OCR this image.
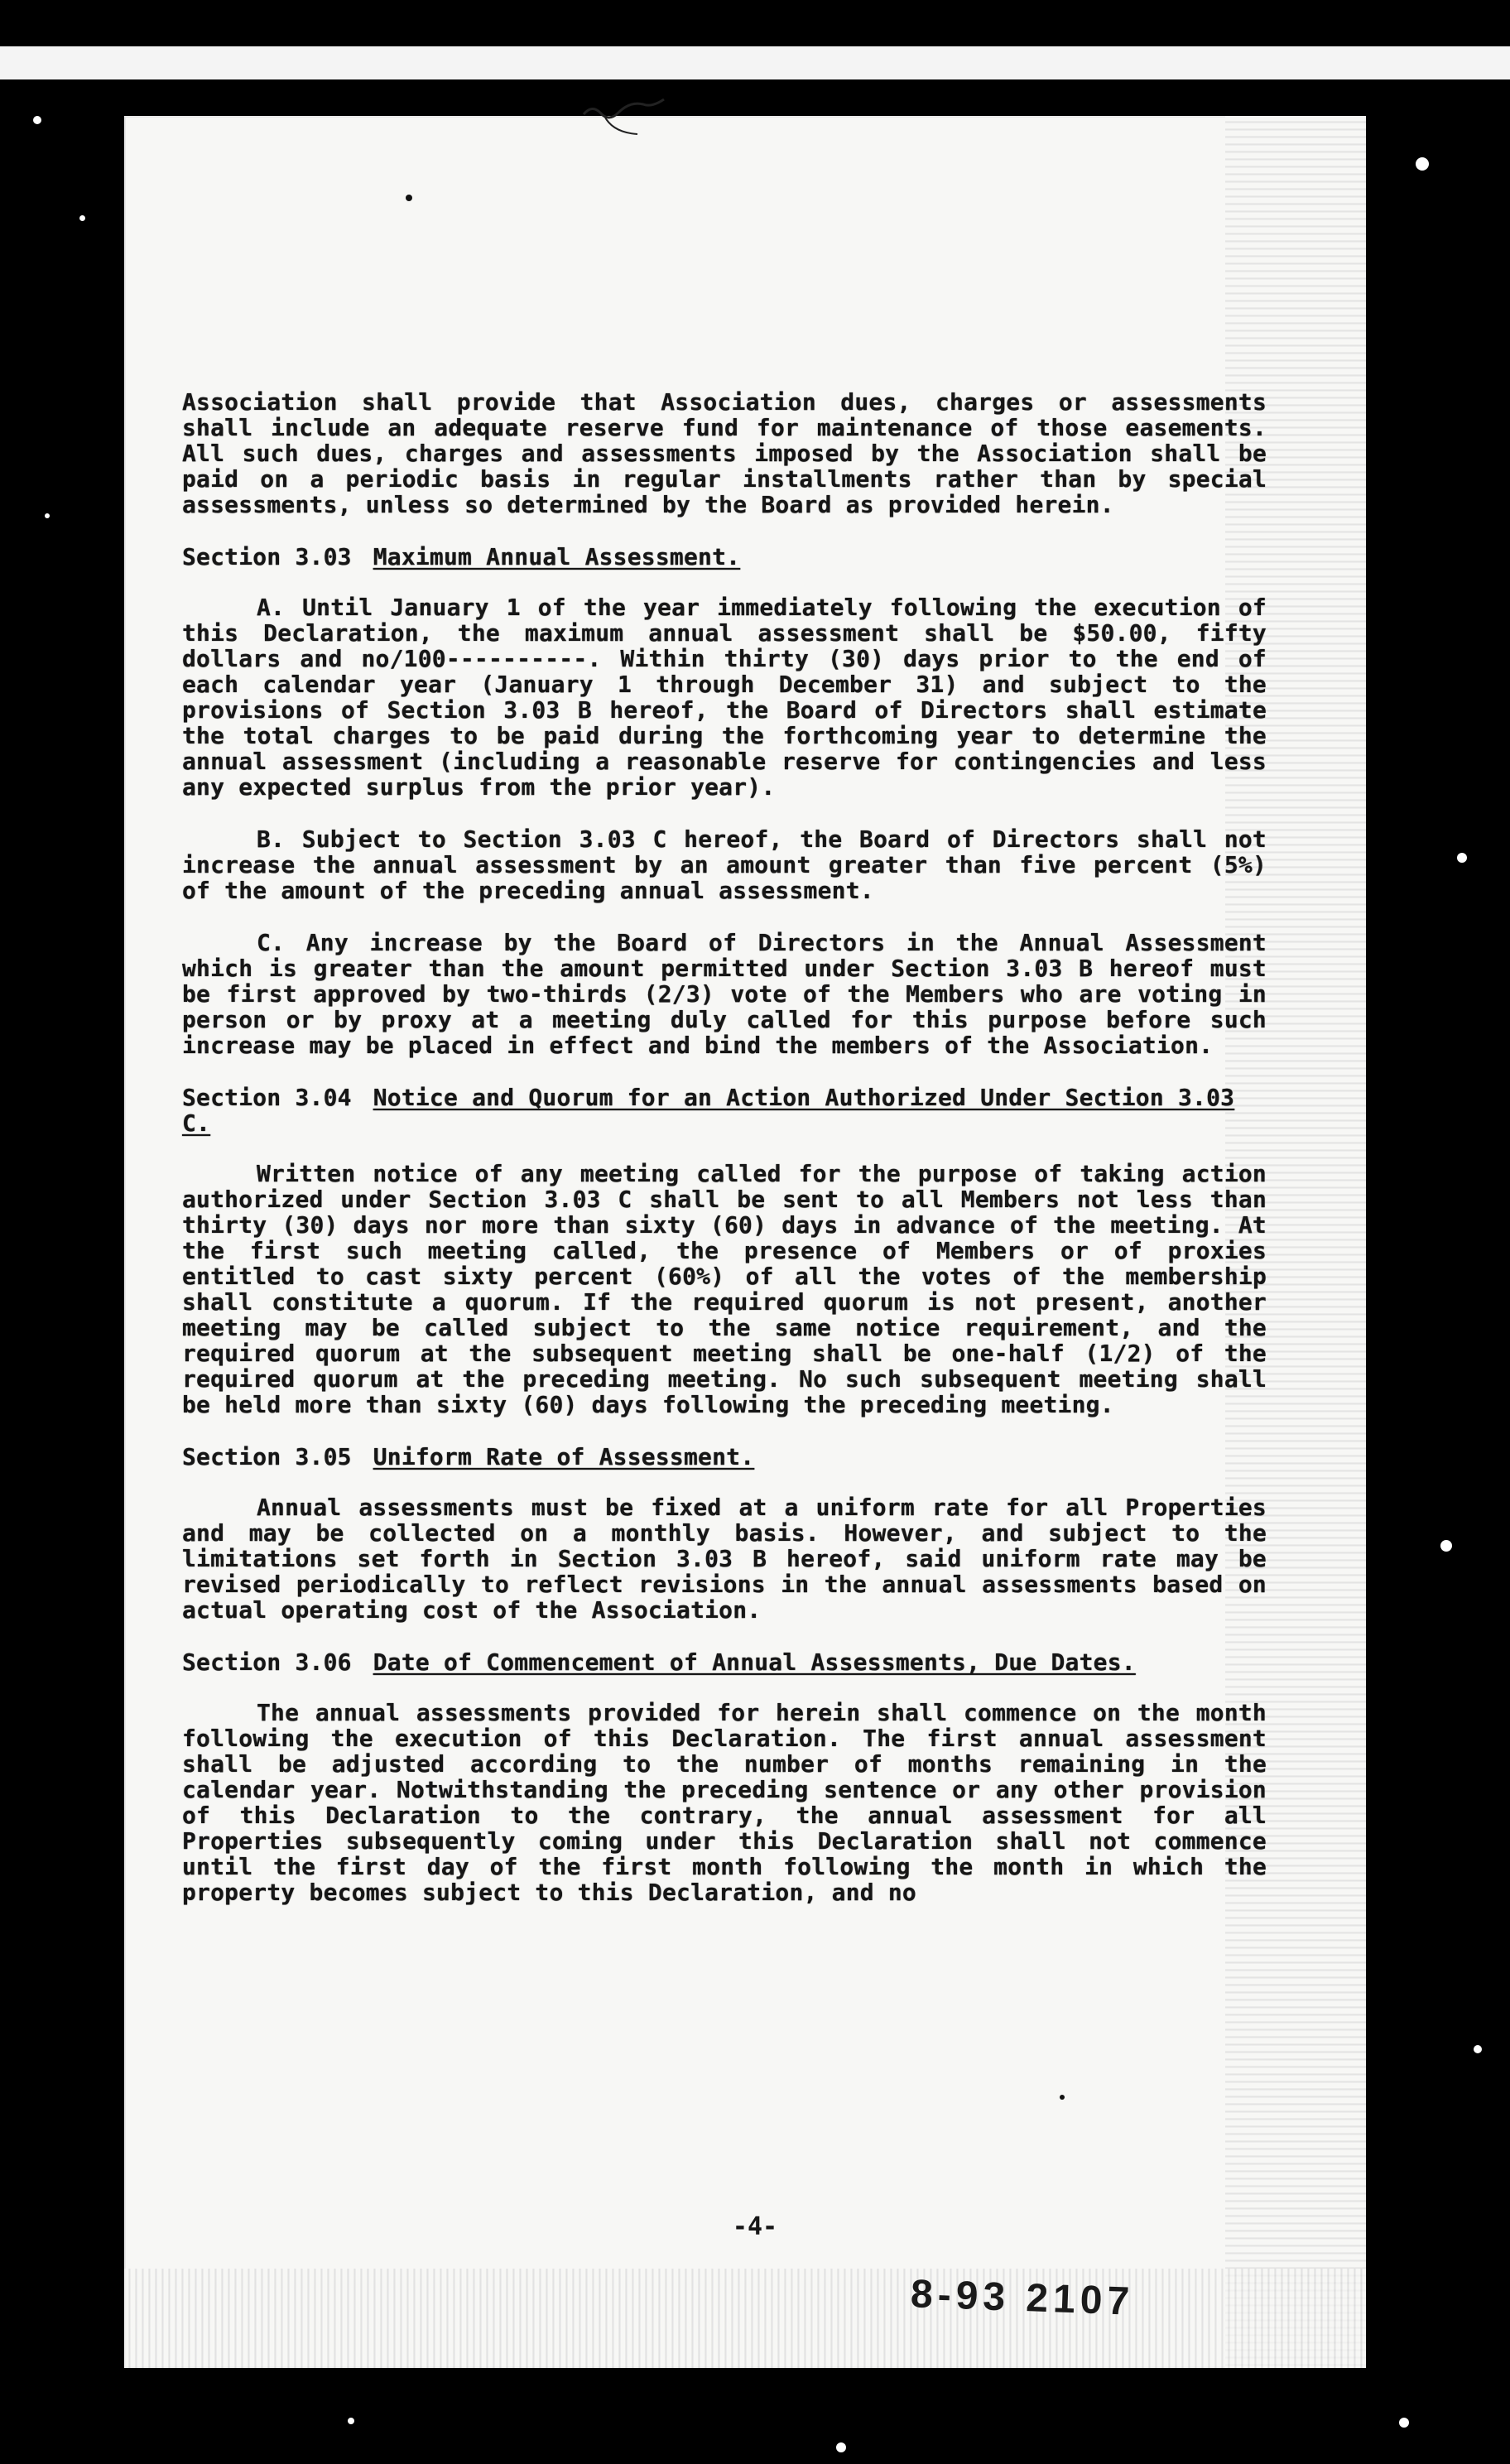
Association shall provide that Association dues, charges or assessments shall include an adequate reserve fund for maintenance of those easements. All such dues, charges and assessments imposed by the Association shall be paid on a periodic basis in regular installments rather than by special assessments, unless so determined by the Board as provided herein.

Section 3.03 Maximum Annual Assessment.

A. Until January 1 of the year immediately following the execution of this Declaration, the maximum annual assessment shall be $50.00, fifty dollars and no/100----------. Within thirty (30) days prior to the end of each calendar year (January 1 through December 31) and subject to the provisions of Section 3.03 B hereof, the Board of Directors shall estimate the total charges to be paid during the forthcoming year to determine the annual assessment (including a reasonable reserve for contingencies and less any expected surplus from the prior year).

B. Subject to Section 3.03 C hereof, the Board of Directors shall not increase the annual assessment by an amount greater than five percent (5%) of the amount of the preceding annual assessment.

C. Any increase by the Board of Directors in the Annual Assessment which is greater than the amount permitted under Section 3.03 B hereof must be first approved by two-thirds (2/3) vote of the Members who are voting in person or by proxy at a meeting duly called for this purpose before such increase may be placed in effect and bind the members of the Association.

Section 3.04 Notice and Quorum for an Action Authorized Under Section 3.03 C.

Written notice of any meeting called for the purpose of taking action authorized under Section 3.03 C shall be sent to all Members not less than thirty (30) days nor more than sixty (60) days in advance of the meeting. At the first such meeting called, the presence of Members or of proxies entitled to cast sixty percent (60%) of all the votes of the membership shall constitute a quorum. If the required quorum is not present, another meeting may be called subject to the same notice requirement, and the required quorum at the subsequent meeting shall be one-half (1/2) of the required quorum at the preceding meeting. No such subsequent meeting shall be held more than sixty (60) days following the preceding meeting.

Section 3.05 Uniform Rate of Assessment.

Annual assessments must be fixed at a uniform rate for all Properties and may be collected on a monthly basis. However, and subject to the limitations set forth in Section 3.03 B hereof, said uniform rate may be revised periodically to reflect revisions in the annual assessments based on actual operating cost of the Association.

Section 3.06 Date of Commencement of Annual Assessments, Due Dates.

The annual assessments provided for herein shall commence on the month following the execution of this Declaration. The first annual assessment shall be adjusted according to the number of months remaining in the calendar year. Notwithstanding the preceding sentence or any other provision of this Declaration to the contrary, the annual assessment for all Properties subsequently coming under this Declaration shall not commence until the first day of the first month following the month in which the property becomes subject to this Declaration, and no

-4-
8-93 2107
